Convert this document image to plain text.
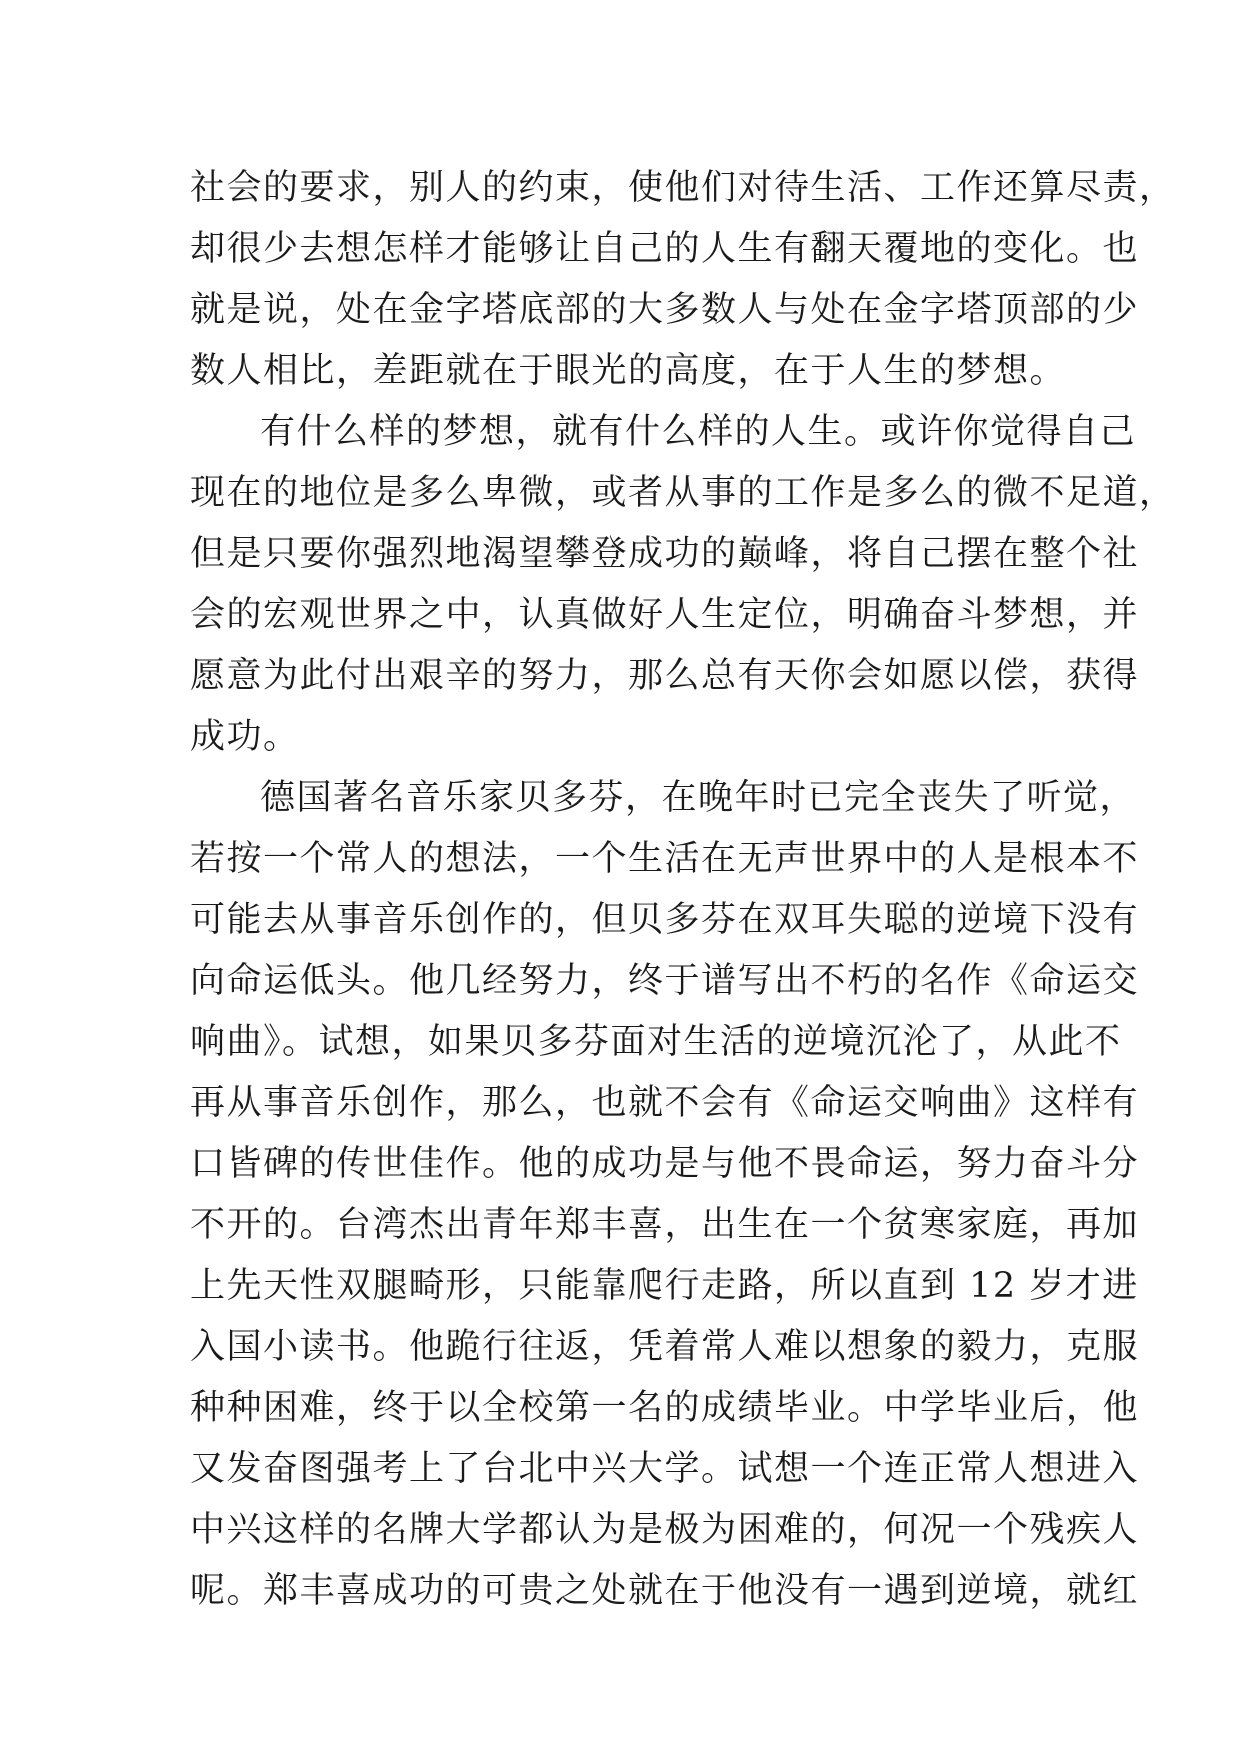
社会的要求，别人的约束，使他们对待生活、工作还算尽责，
却很少去想怎样才能够让自己的人生有翻天覆地的变化。也
就是说，处在金字塔底部的大多数人与处在金字塔顶部的少
数人相比，差距就在于眼光的高度，在于人生的梦想。
有什么样的梦想，就有什么样的人生。或许你觉得自己
现在的地位是多么卑微，或者从事的工作是多么的微不足道，
但是只要你强烈地渴望攀登成功的巅峰，将自己摆在整个社
会的宏观世界之中，认真做好人生定位，明确奋斗梦想，并
愿意为此付出艰辛的努力，那么总有天你会如愿以偿，获得
成功。
德国著名音乐家贝多芬，在晚年时已完全丧失了听觉，
若按一个常人的想法，一个生活在无声世界中的人是根本不
可能去从事音乐创作的，但贝多芬在双耳失聪的逆境下没有
向命运低头。他几经努力，终于谱写出不朽的名作《命运交
响曲》。试想，如果贝多芬面对生活的逆境沉沦了，从此不
再从事音乐创作，那么，也就不会有《命运交响曲》这样有
口皆碑的传世佳作。他的成功是与他不畏命运，努力奋斗分
不开的。台湾杰出青年郑丰喜，出生在一个贫寒家庭，再加
上先天性双腿畸形，只能靠爬行走路，所以直到 12 岁才进
入国小读书。他跪行往返，凭着常人难以想象的毅力，克服
种种困难，终于以全校第一名的成绩毕业。中学毕业后，他
又发奋图强考上了台北中兴大学。试想一个连正常人想进入
中兴这样的名牌大学都认为是极为困难的，何况一个残疾人
呢。郑丰喜成功的可贵之处就在于他没有一遇到逆境，就红
